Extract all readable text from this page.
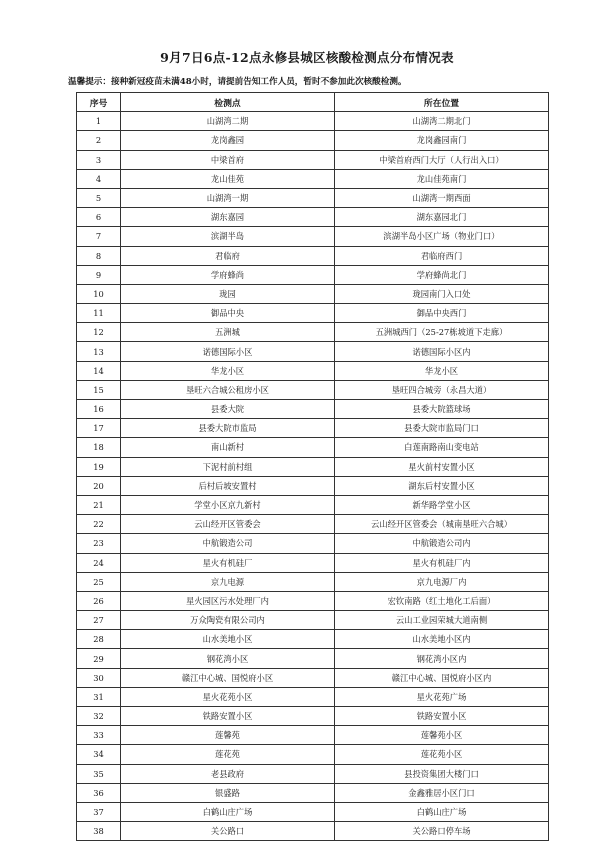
9月7日6点-12点永修县城区核酸检测点分布情况表
温馨提示：接种新冠疫苗未满48小时，请提前告知工作人员，暂时不参加此次核酸检测。
序号	检测点	所在位置
1	山湖湾二期	山湖湾二期北门
2	龙岗鑫园	龙岗鑫园南门
3	中梁首府	中梁首府西门大厅（人行出入口）
4	龙山佳苑	龙山佳苑南门
5	山湖湾一期	山湖湾一期西面
6	湖东嘉园	湖东嘉园北门
7	滨湖半岛	滨湖半岛小区广场（物业门口）
8	君临府	君临府西门
9	学府蜂尚	学府蜂尚北门
10	珑园	珑园南门入口处
11	御品中央	御品中央西门
12	五洲城	五洲城西门（25-27栋坡道下走廊）
13	诺德国际小区	诺德国际小区内
14	华龙小区	华龙小区
15	垦旺六合城公租房小区	垦旺四合城旁（永昌大道）
16	县委大院	县委大院篮球场
17	县委大院市监局	县委大院市监局门口
18	南山新村	白莲南路南山变电站
19	下泥村前村组	星火前村安置小区
20	后村后坡安置村	湖东后村安置小区
21	学堂小区京九新村	新华路学堂小区
22	云山经开区管委会	云山经开区管委会（城南垦旺六合城）
23	中航锻造公司	中航锻造公司内
24	星火有机硅厂	星火有机硅厂内
25	京九电源	京九电源厂内
26	星火园区污水处理厂内	宏钦南路（红土地化工后面）
27	万众陶瓷有限公司内	云山工业园荣城大道南侧
28	山水美地小区	山水美地小区内
29	钢花湾小区	钢花湾小区内
30	赣江中心城、国悦府小区	赣江中心城、国悦府小区内
31	星火花苑小区	星火花苑广场
32	铁路安置小区	铁路安置小区
33	莲馨苑	莲馨苑小区
34	莲花苑	莲花苑小区
35	老县政府	县投资集团大楼门口
36	银盛路	金鑫雅居小区门口
37	白鹤山庄广场	白鹤山庄广场
38	关公路口	关公路口停车场
